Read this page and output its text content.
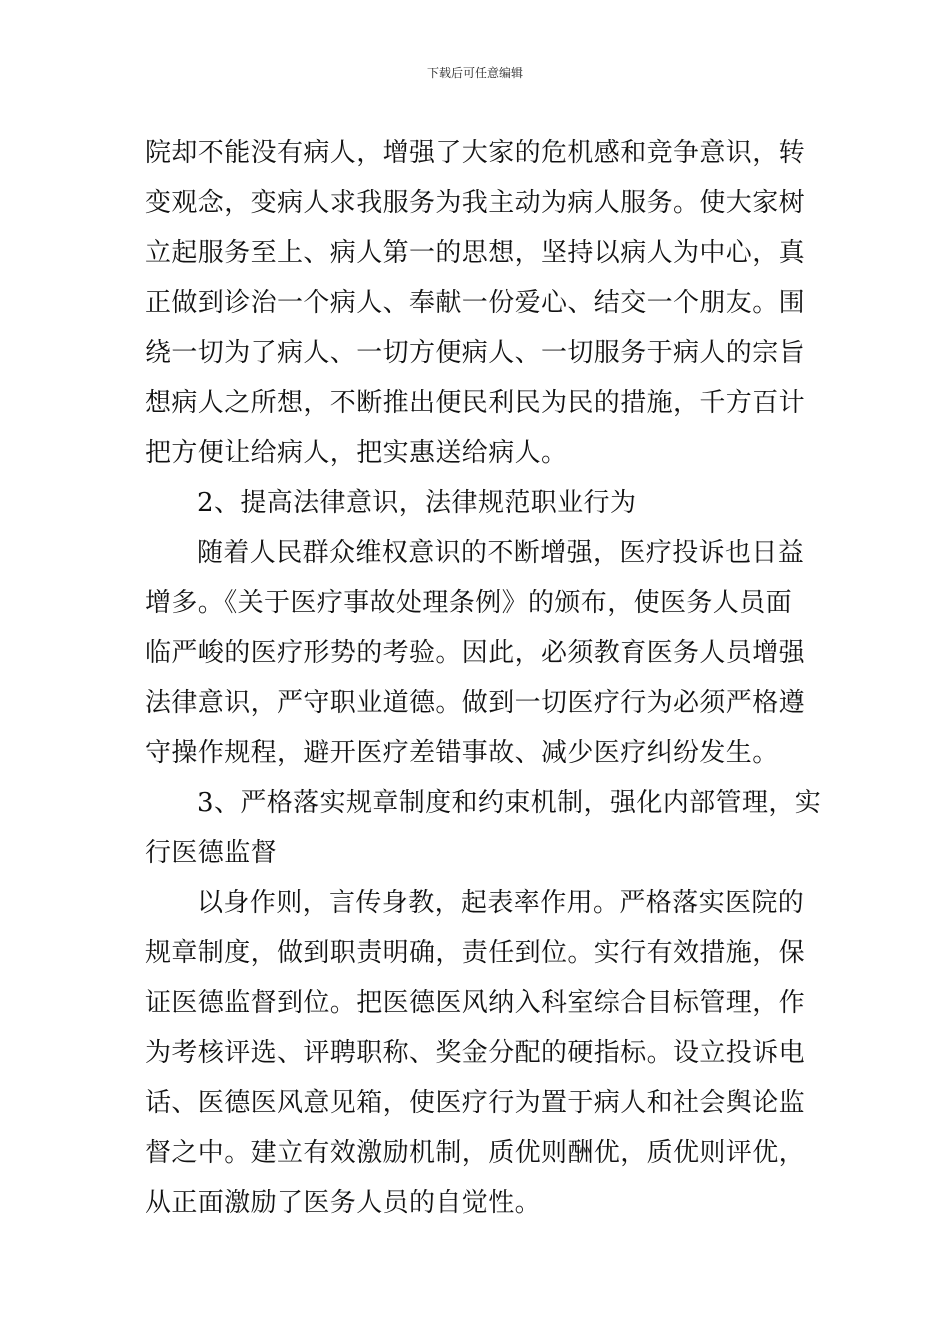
下载后可任意编辑
院却不能没有病人，增强了大家的危机感和竞争意识，转
变观念，变病人求我服务为我主动为病人服务。使大家树
立起服务至上、病人第一的思想，坚持以病人为中心，真
正做到诊治一个病人、奉献一份爱心、结交一个朋友。围
绕一切为了病人、一切方便病人、一切服务于病人的宗旨
想病人之所想，不断推出便民利民为民的措施，千方百计
把方便让给病人，把实惠送给病人。
2、提高法律意识，法律规范职业行为
随着人民群众维权意识的不断增强，医疗投诉也日益
增多。《关于医疗事故处理条例》的颁布，使医务人员面
临严峻的医疗形势的考验。因此，必须教育医务人员增强
法律意识，严守职业道德。做到一切医疗行为必须严格遵
守操作规程，避开医疗差错事故、减少医疗纠纷发生。
3、严格落实规章制度和约束机制，强化内部管理，实
行医德监督
以身作则，言传身教，起表率作用。严格落实医院的
规章制度，做到职责明确，责任到位。实行有效措施，保
证医德监督到位。把医德医风纳入科室综合目标管理，作
为考核评选、评聘职称、奖金分配的硬指标。设立投诉电
话、医德医风意见箱，使医疗行为置于病人和社会舆论监
督之中。建立有效激励机制，质优则酬优，质优则评优，
从正面激励了医务人员的自觉性。
